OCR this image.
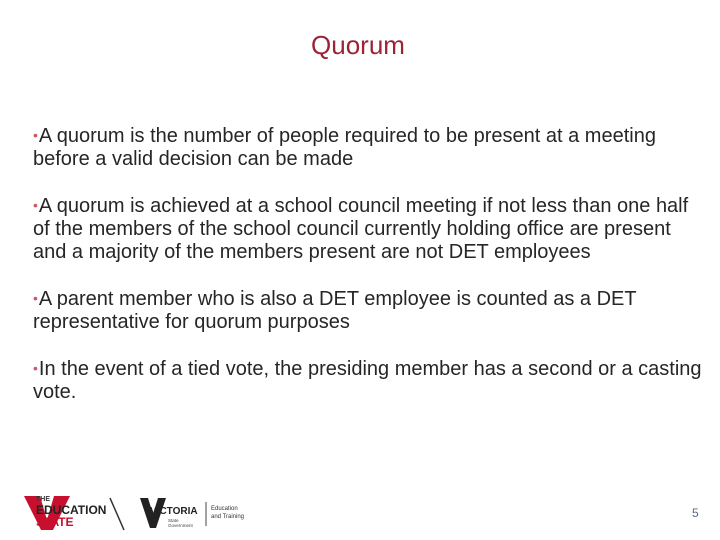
Quorum
•A quorum is the number of people required to be present at a meeting before a valid decision can be made
•A quorum is achieved at a school council meeting if not less than one half of the members of the school council currently holding office are present and a majority of the members present are not DET employees
•A parent member who is also a DET employee is counted as a DET representative for quorum purposes
•In the event of a tied vote, the presiding member has a second or a casting vote.
THE
EDUCATION
STATE
VICTORIA
State
Government
Education
and Training	5
